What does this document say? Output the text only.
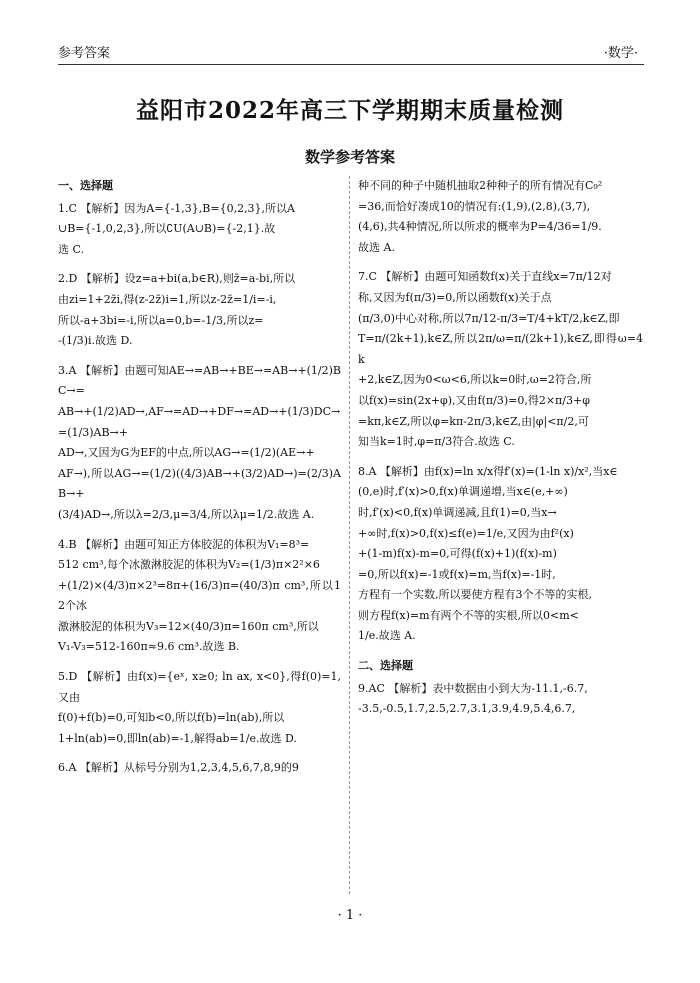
参考答案	·数学·
益阳市2022年高三下学期期末质量检测
数学参考答案
一、选择题

1.C 【解析】因为A={-1,3},B={0,2,3},所以A

∪B={-1,0,2,3},所以∁U(A∪B)={-2,1}.故

选 C.

2.D 【解析】设z=a+bi(a,b∈R),则z̄=a-bi,所以

由zi=1+2z̄i,得(z-2z̄)i=1,所以z-2z̄=1/i=-i,

所以-a+3bi=-i,所以a=0,b=-1/3,所以z=

-(1/3)i.故选 D.

3.A 【解析】由题可知AE→=AB→+BE→=AB→+(1/2)BC→=

AB→+(1/2)AD→,AF→=AD→+DF→=AD→+(1/3)DC→=(1/3)AB→+

AD→,又因为G为EF的中点,所以AG→=(1/2)(AE→+

AF→),所以AG→=(1/2)((4/3)AB→+(3/2)AD→)=(2/3)AB→+

(3/4)AD→,所以λ=2/3,μ=3/4,所以λμ=1/2.故选 A.

4.B 【解析】由题可知正方体胶泥的体积为V₁=8³=

512 cm³,每个冰激淋胶泥的体积为V₂=(1/3)π×2²×6

+(1/2)×(4/3)π×2³=8π+(16/3)π=(40/3)π cm³,所以12个冰

激淋胶泥的体积为V₃=12×(40/3)π=160π cm³,所以

V₁-V₃=512-160π≈9.6 cm³.故选 B.

5.D 【解析】由f(x)={eˣ, x≥0; ln ax, x<0},得f(0)=1,又由

f(0)+f(b)=0,可知b<0,所以f(b)=ln(ab),所以

1+ln(ab)=0,即ln(ab)=-1,解得ab=1/e.故选 D.

6.A 【解析】从标号分别为1,2,3,4,5,6,7,8,9的9

种不同的种子中随机抽取2种种子的所有情况有C₉²

=36,而恰好凑成10的情况有:(1,9),(2,8),(3,7),

(4,6),共4种情况,所以所求的概率为P=4/36=1/9.

故选 A.

7.C 【解析】由题可知函数f(x)关于直线x=7π/12对

称,又因为f(π/3)=0,所以函数f(x)关于点

(π/3,0)中心对称,所以7π/12-π/3=T/4+kT/2,k∈Z,即

T=π/(2k+1),k∈Z,所以2π/ω=π/(2k+1),k∈Z,即得ω=4k

+2,k∈Z,因为0<ω<6,所以k=0时,ω=2符合,所

以f(x)=sin(2x+φ),又由f(π/3)=0,得2×π/3+φ

=kπ,k∈Z,所以φ=kπ-2π/3,k∈Z,由|φ|<π/2,可

知当k=1时,φ=π/3符合.故选 C.

8.A 【解析】由f(x)=ln x/x得f′(x)=(1-ln x)/x²,当x∈

(0,e)时,f′(x)>0,f(x)单调递增,当x∈(e,+∞)

时,f′(x)<0,f(x)单调递减,且f(1)=0,当x→

+∞时,f(x)>0,f(x)≤f(e)=1/e,又因为由f²(x)

+(1-m)f(x)-m=0,可得(f(x)+1)(f(x)-m)

=0,所以f(x)=-1或f(x)=m,当f(x)=-1时,

方程有一个实数,所以要使方程有3个不等的实根,

则方程f(x)=m有两个不等的实根,所以0<m<

1/e.故选 A.

二、选择题

9.AC 【解析】表中数据由小到大为-11.1,-6.7,

-3.5,-0.5,1.7,2.5,2.7,3.1,3.9,4.9,5.4,6.7,

· 1 ·
